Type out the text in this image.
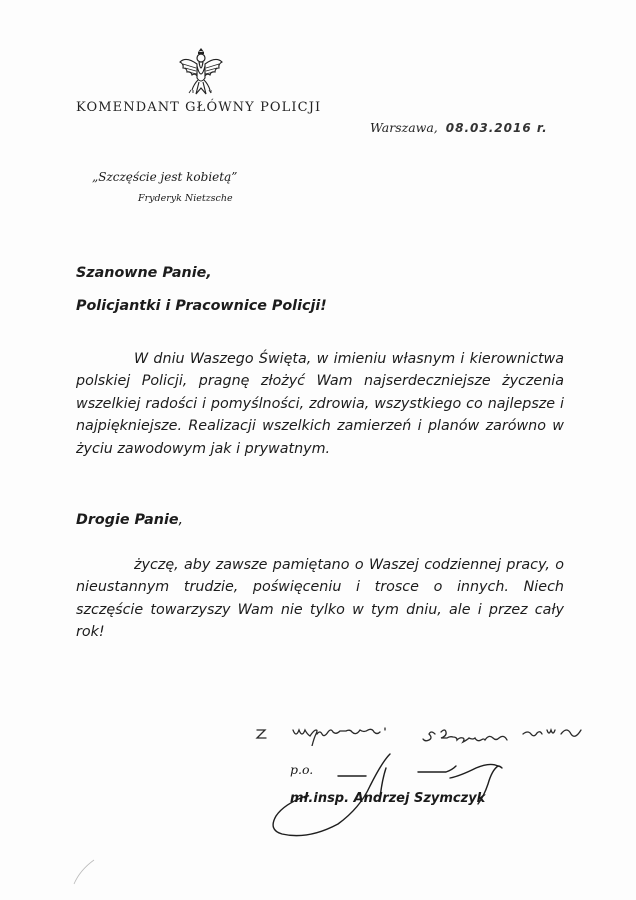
KOMENDANT GŁÓWNY POLICJI
Warszawa, 08.03.2016 r.
„Szczęście jest kobietą”
Fryderyk Nietzsche
Szanowne Panie,
Policjantki i Pracownice Policji!

W dniu Waszego Święta, w imieniu własnym i kierownictwa polskiej Policji, pragnę złożyć Wam najserdeczniejsze życzenia wszelkiej radości i pomyślności, zdrowia, wszystkiego co najlepsze i najpiękniejsze. Realizacji wszelkich zamierzeń i planów zarówno w życiu zawodowym jak i prywatnym.

Drogie Panie,

życzę, aby zawsze pamiętano o Waszej codziennej pracy, o nieustannym trudzie, poświęceniu i trosce o innych. Niech szczęście towarzyszy Wam nie tylko w tym dniu, ale i przez cały rok!

p.o.
mł.insp. Andrzej Szymczyk
